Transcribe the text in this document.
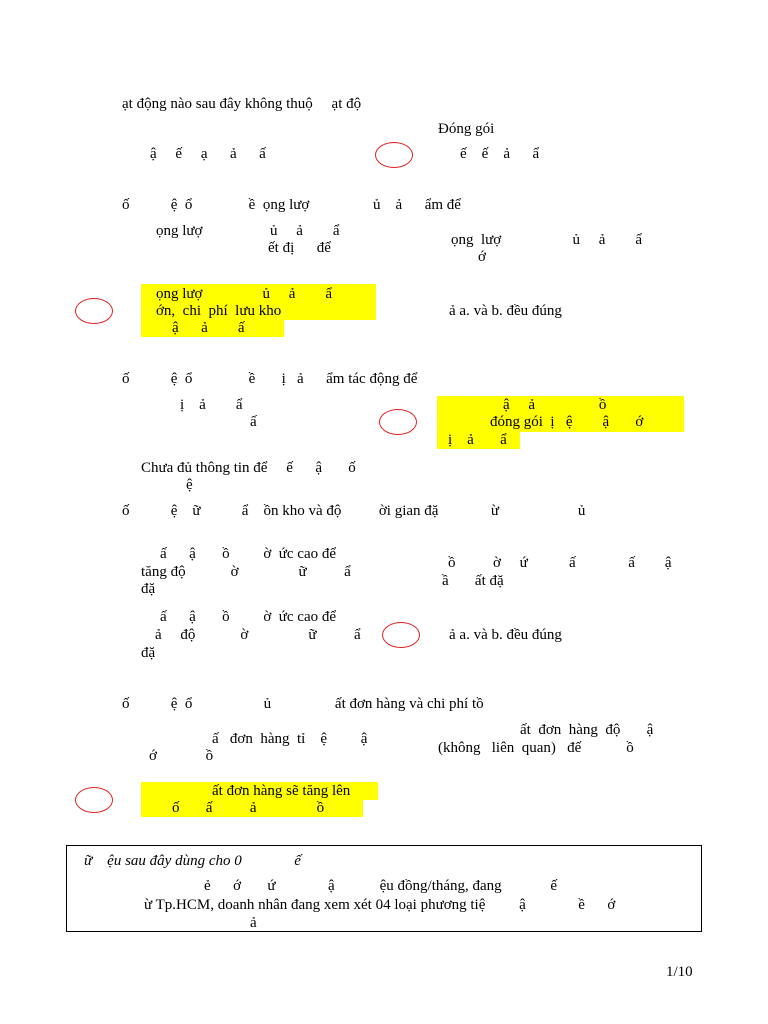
ạt động nào sau đây không thuộ     ạt độ
Đóng gói
ậ     ế     ạ      ả      ấ	ế    ế    ả      ẩ
ố           ệ  ổ               ề  ọng lượ                 ủ    ả      ẩm để
ọng lượ                  ủ     ả        ẩ
ết đị      để	ọng  lượ                   ủ     ả        ẩ
ớ
ọng lượ                ủ     ả        ẩ
ớn,  chi  phí  lưu kho
ậ      ả        ấ
ả a. và b. đều đúng
ố           ệ  ổ               ề       ị   ả      ẩm tác động để
ị    ả        ẩ
ấ
ậ     ả                 ồ
đóng gói  ị   ệ        ậ       ớ
ị    ả       ẩ
Chưa đủ thông tin để     ế      ậ       ố
ệ
ố           ệ    ữ           ẩ    ồn kho và độ          ời gian đặ              ừ                     ủ
ấ      ậ       ồ         ờ  ức cao để
tăng độ            ờ                ữ          ẩ
đặ
ồ          ờ     ứ           ấ              ấ        ậ
ầ       ất đặ
ấ      ậ       ồ         ờ  ức cao để
ả     độ            ờ                ữ          ẩ
đặ
ả a. và b. đều đúng
ố           ệ  ổ                   ủ                 ất đơn hàng và chi phí tồ
ấ   đơn  hàng  tỉ    ệ         ậ
ớ             ồ
ất  đơn  hàng  độ       ậ
(không   liên  quan)   đế            ồ
ất đơn hàng sẽ tăng lên
ố       ấ          ả                ồ
ữ    ệu sau đây dùng cho 0              ế
ẻ      ớ       ứ              ậ            ệu đồng/tháng, đang             ế
ừ Tp.HCM, doanh nhân đang xem xét 04 loại phương tiệ         ậ              ề      ớ
ả
1/10
